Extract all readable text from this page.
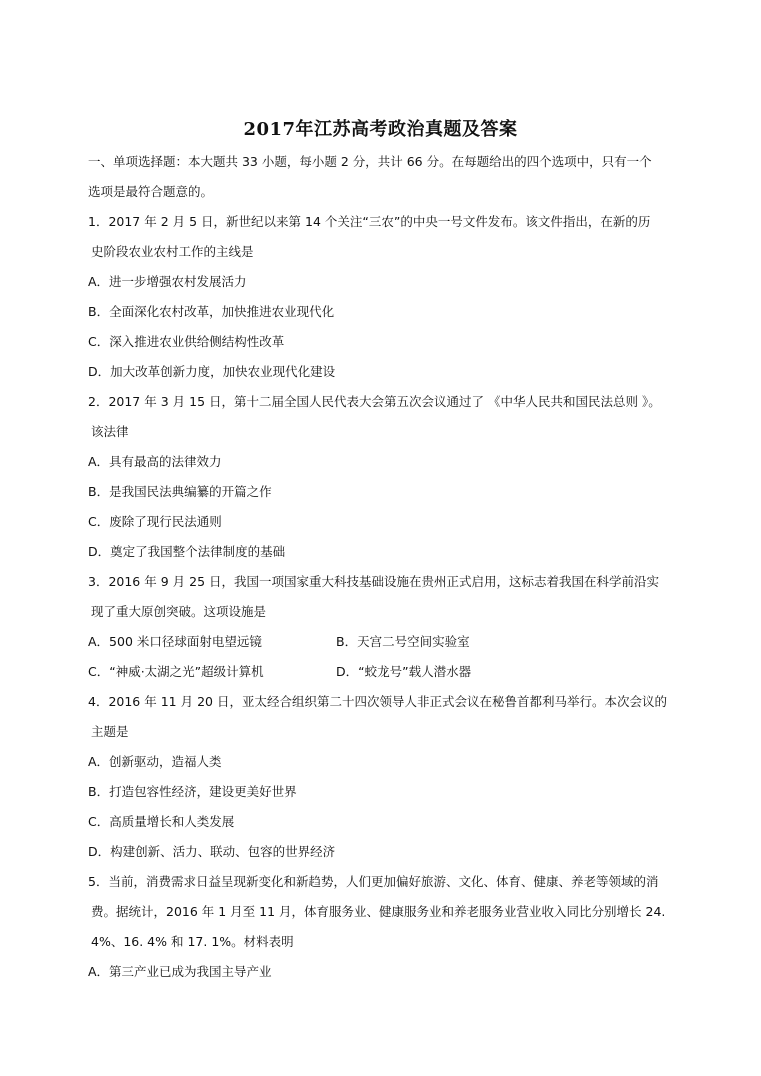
2017年江苏高考政治真题及答案
一、单项选择题：本大题共 33 小题，每小题 2 分，共计 66 分。在每题给出的四个选项中，只有一个
选项是最符合题意的。
1．2017 年 2 月 5 日，新世纪以来第 14 个关注“三农”的中央一号文件发布。该文件指出，在新的历
史阶段农业农村工作的主线是
A．进一步增强农村发展活力
B．全面深化农村改革，加快推进农业现代化
C．深入推进农业供给侧结构性改革
D．加大改革创新力度，加快农业现代化建设
2．2017 年 3 月 15 日，第十二届全国人民代表大会第五次会议通过了 《中华人民共和国民法总则 》。
该法律
A．具有最高的法律效力
B．是我国民法典编纂的开篇之作
C．废除了现行民法通则
D．奠定了我国整个法律制度的基础
3．2016 年 9 月 25 日，我国一项国家重大科技基础设施在贵州正式启用，这标志着我国在科学前沿实
现了重大原创突破。这项设施是
A．500 米口径球面射电望远镜	B．天宫二号空间实验室
C．“神威·太湖之光”超级计算机	D．“蛟龙号”载人潜水器
4．2016 年 11 月 20 日，亚太经合组织第二十四次领导人非正式会议在秘鲁首都利马举行。本次会议的
主题是
A．创新驱动，造福人类
B．打造包容性经济，建设更美好世界
C．高质量增长和人类发展
D．构建创新、活力、联动、包容的世界经济
5．当前，消费需求日益呈现新变化和新趋势，人们更加偏好旅游、文化、体育、健康、养老等领域的消
费。据统计，2016 年 1 月至 11 月，体育服务业、健康服务业和养老服务业营业收入同比分别增长 24.
4%、16. 4% 和 17. 1%。材料表明
A．第三产业已成为我国主导产业
